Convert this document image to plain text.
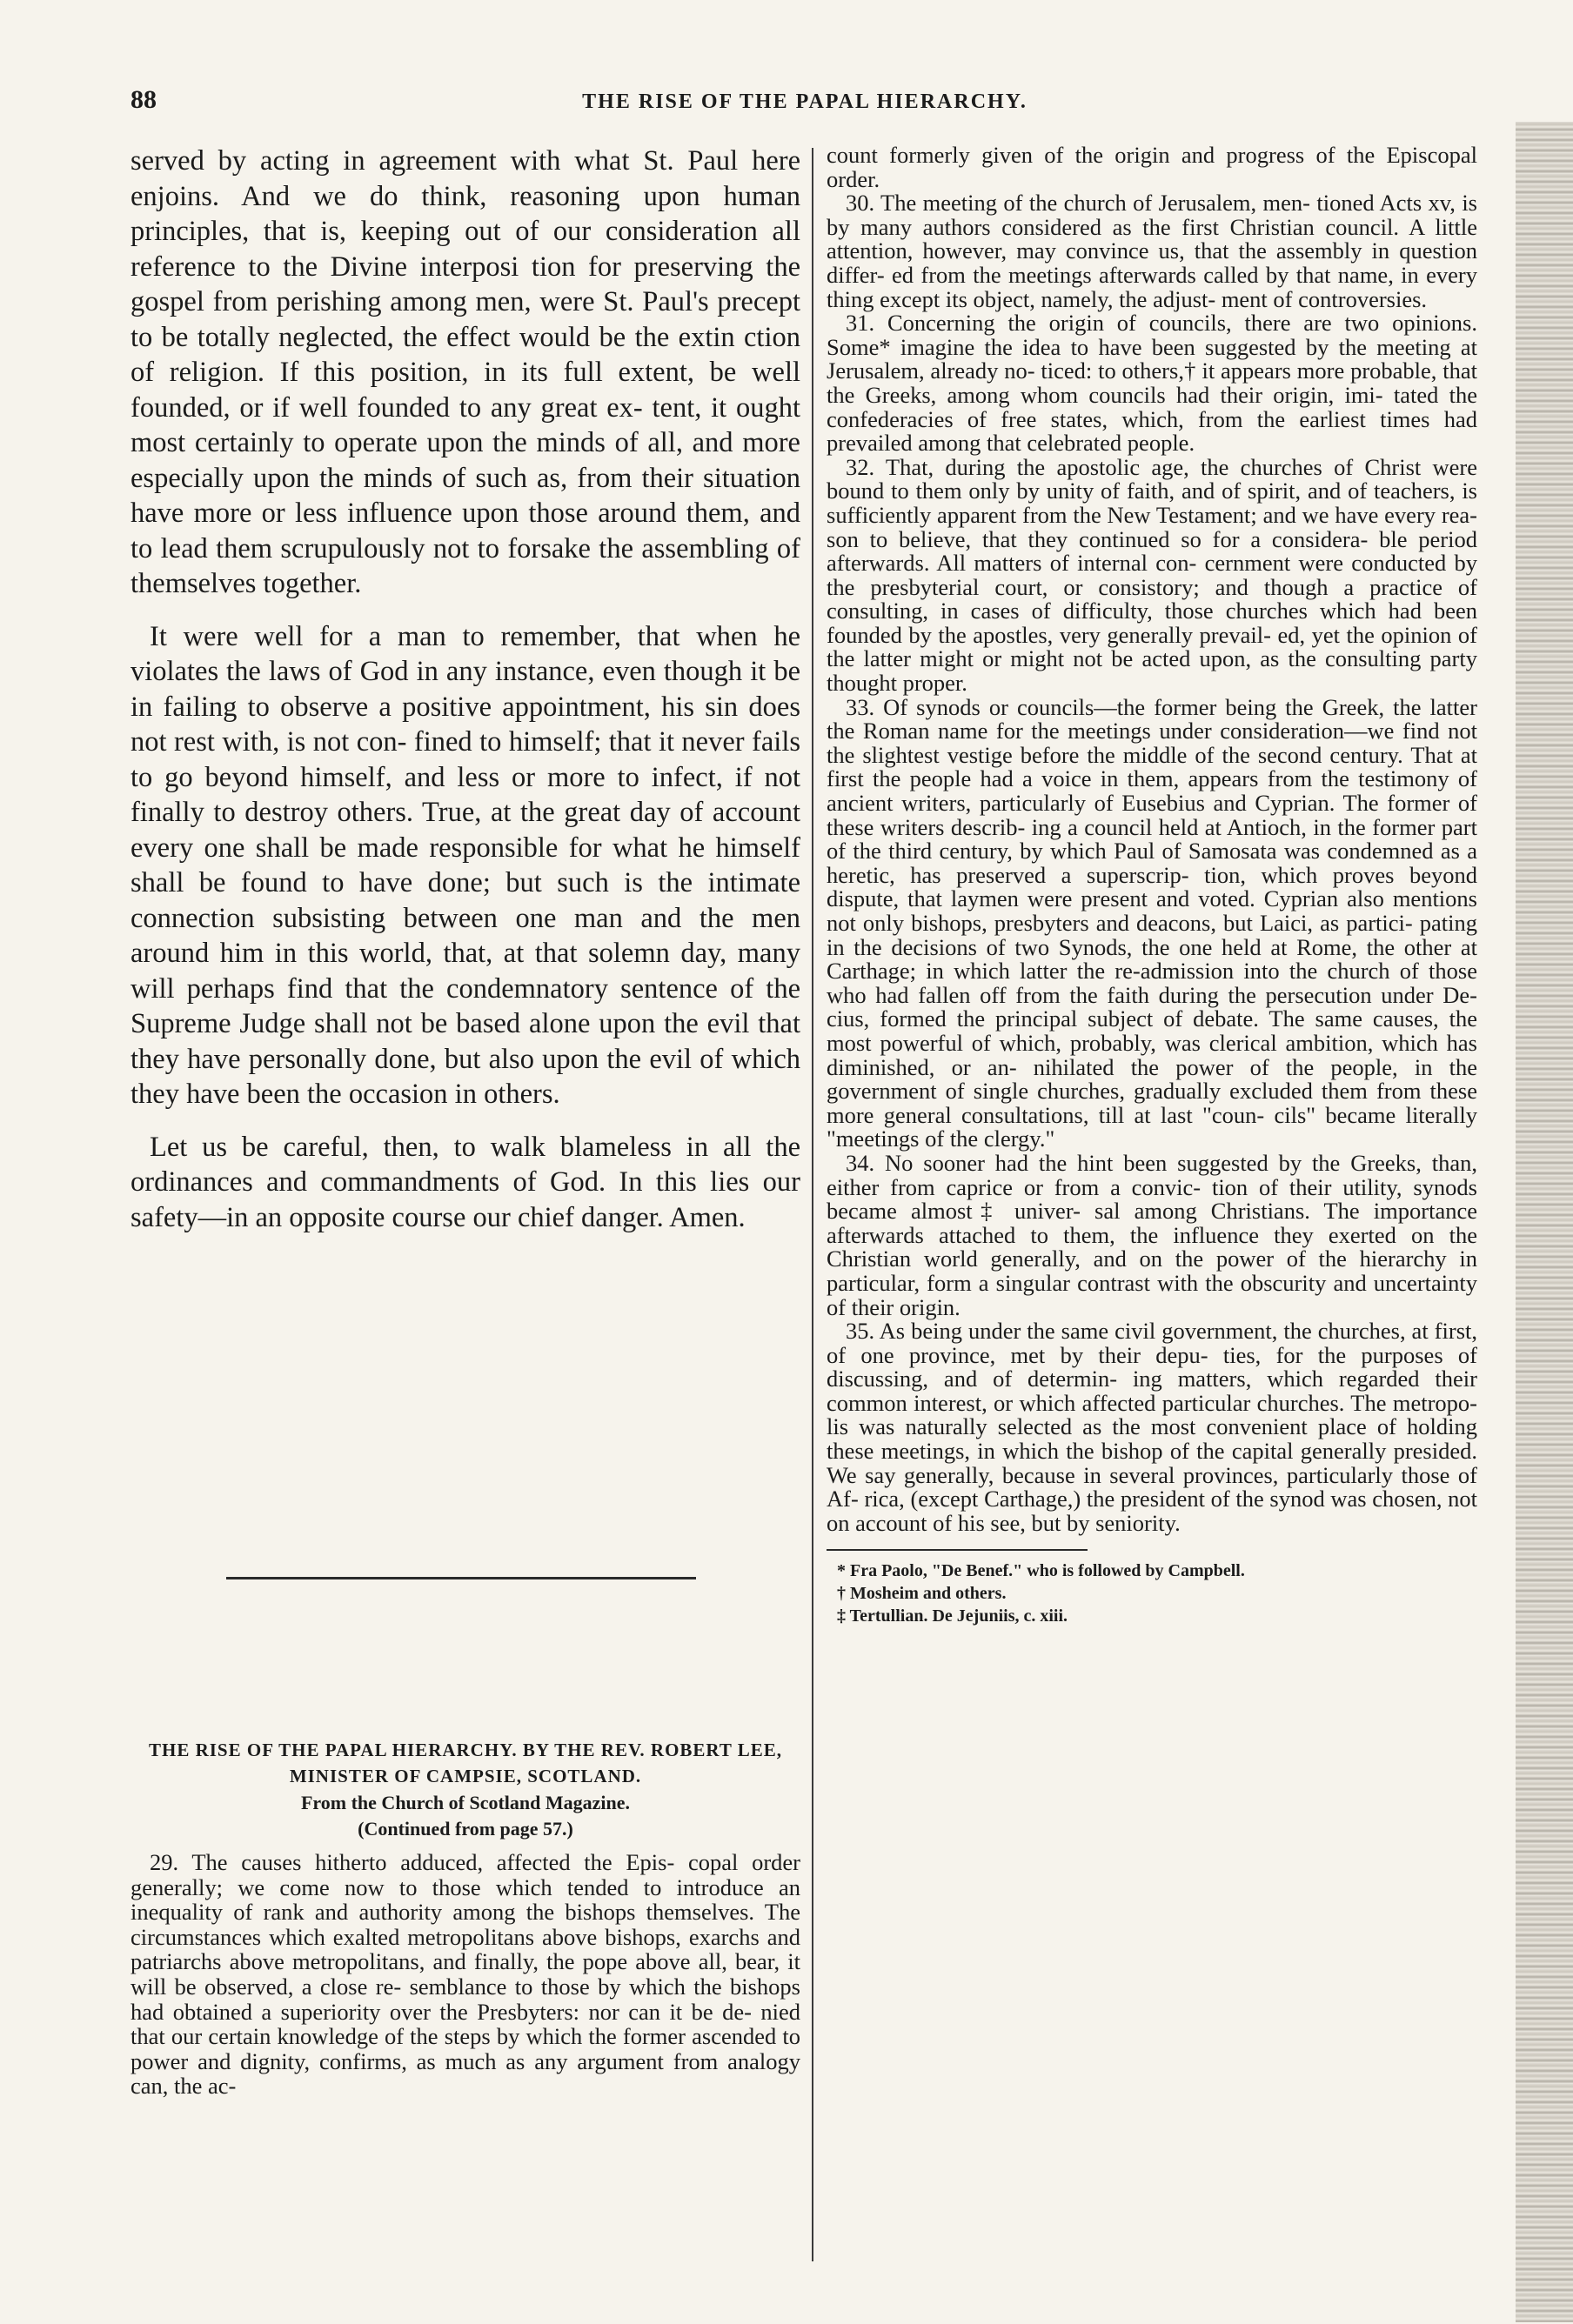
88	THE RISE OF THE PAPAL HIERARCHY.

served by acting in agreement with what St. Paul here enjoins. And we do think, reasoning upon human principles, that is, keeping out of our consideration all reference to the Divine interposi tion for preserving the gospel from perishing among men, were St. Paul's precept to be totally neglected, the effect would be the extin ction of religion. If this position, in its full extent, be well founded, or if well founded to any great ex- tent, it ought most certainly to operate upon the minds of all, and more especially upon the minds of such as, from their situation have more or less influence upon those around them, and to lead them scrupulously not to forsake the assembling of themselves together.

It were well for a man to remember, that when he violates the laws of God in any instance, even though it be in failing to observe a positive appointment, his sin does not rest with, is not con- fined to himself; that it never fails to go beyond himself, and less or more to infect, if not finally to destroy others. True, at the great day of account every one shall be made responsible for what he himself shall be found to have done; but such is the intimate connection subsisting between one man and the men around him in this world, that, at that solemn day, many will perhaps find that the condemnatory sentence of the Supreme Judge shall not be based alone upon the evil that they have personally done, but also upon the evil of which they have been the occasion in others.

Let us be careful, then, to walk blameless in all the ordinances and commandments of God. In this lies our safety—in an opposite course our chief danger. Amen.

THE RISE OF THE PAPAL HIERARCHY. BY THE REV. ROBERT LEE, MINISTER OF CAMPSIE, SCOTLAND.

From the Church of Scotland Magazine.

(Continued from page 57.)

29. The causes hitherto adduced, affected the Epis- copal order generally; we come now to those which tended to introduce an inequality of rank and authority among the bishops themselves. The circumstances which exalted metropolitans above bishops, exarchs and patriarchs above metropolitans, and finally, the pope above all, bear, it will be observed, a close re- semblance to those by which the bishops had obtained a superiority over the Presbyters: nor can it be de- nied that our certain knowledge of the steps by which the former ascended to power and dignity, confirms, as much as any argument from analogy can, the ac-

count formerly given of the origin and progress of the Episcopal order.

30. The meeting of the church of Jerusalem, men- tioned Acts xv, is by many authors considered as the first Christian council. A little attention, however, may convince us, that the assembly in question differ- ed from the meetings afterwards called by that name, in every thing except its object, namely, the adjust- ment of controversies.

31. Concerning the origin of councils, there are two opinions. Some* imagine the idea to have been suggested by the meeting at Jerusalem, already no- ticed: to others,† it appears more probable, that the Greeks, among whom councils had their origin, imi- tated the confederacies of free states, which, from the earliest times had prevailed among that celebrated people.

32. That, during the apostolic age, the churches of Christ were bound to them only by unity of faith, and of spirit, and of teachers, is sufficiently apparent from the New Testament; and we have every rea- son to believe, that they continued so for a considera- ble period afterwards. All matters of internal con- cernment were conducted by the presbyterial court, or consistory; and though a practice of consulting, in cases of difficulty, those churches which had been founded by the apostles, very generally prevail- ed, yet the opinion of the latter might or might not be acted upon, as the consulting party thought proper.

33. Of synods or councils—the former being the Greek, the latter the Roman name for the meetings under consideration—we find not the slightest vestige before the middle of the second century. That at first the people had a voice in them, appears from the testimony of ancient writers, particularly of Eusebius and Cyprian. The former of these writers describ- ing a council held at Antioch, in the former part of the third century, by which Paul of Samosata was condemned as a heretic, has preserved a superscrip- tion, which proves beyond dispute, that laymen were present and voted. Cyprian also mentions not only bishops, presbyters and deacons, but Laici, as partici- pating in the decisions of two Synods, the one held at Rome, the other at Carthage; in which latter the re-admission into the church of those who had fallen off from the faith during the persecution under De- cius, formed the principal subject of debate. The same causes, the most powerful of which, probably, was clerical ambition, which has diminished, or an- nihilated the power of the people, in the government of single churches, gradually excluded them from these more general consultations, till at last "coun- cils" became literally "meetings of the clergy."

34. No sooner had the hint been suggested by the Greeks, than, either from caprice or from a convic- tion of their utility, synods became almost‡ univer- sal among Christians. The importance afterwards attached to them, the influence they exerted on the Christian world generally, and on the power of the hierarchy in particular, form a singular contrast with the obscurity and uncertainty of their origin.

35. As being under the same civil government, the churches, at first, of one province, met by their depu- ties, for the purposes of discussing, and of determin- ing matters, which regarded their common interest, or which affected particular churches. The metropo- lis was naturally selected as the most convenient place of holding these meetings, in which the bishop of the capital generally presided. We say generally, because in several provinces, particularly those of Af- rica, (except Carthage,) the president of the synod was chosen, not on account of his see, but by seniority.

* Fra Paolo, "De Benef." who is followed by Campbell.

† Mosheim and others.

‡ Tertullian. De Jejuniis, c. xiii.
